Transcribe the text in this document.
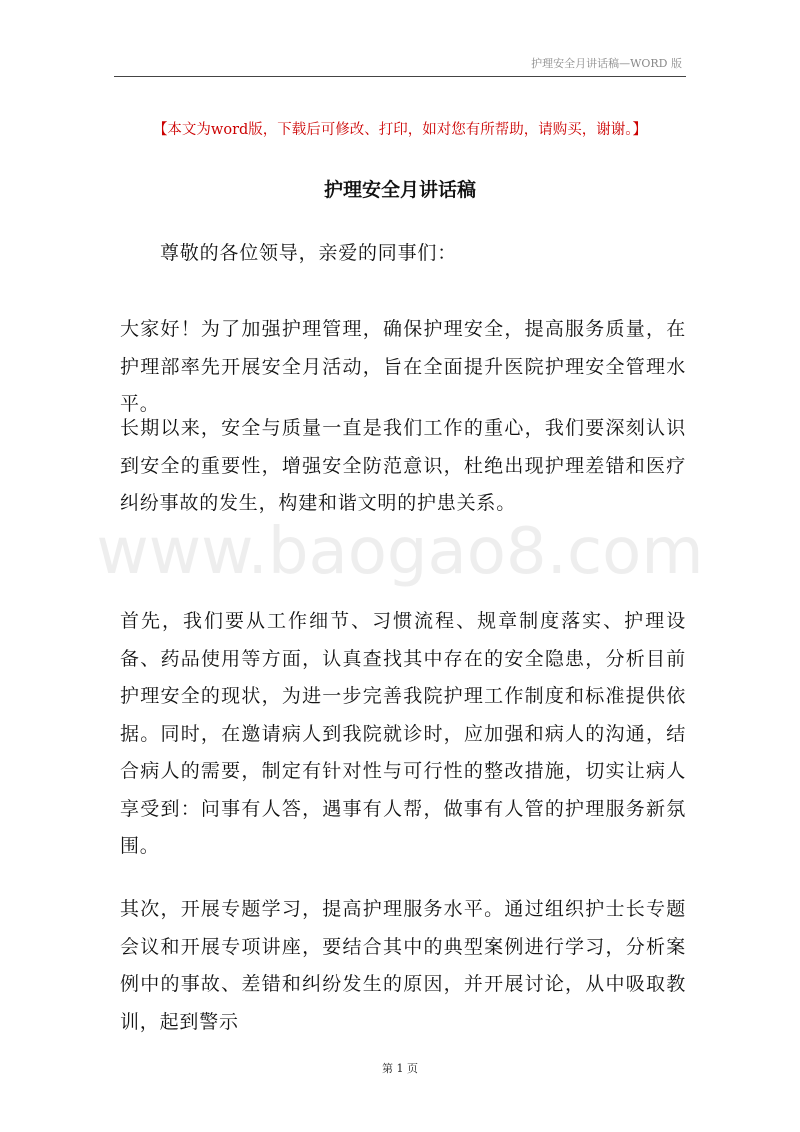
护理安全月讲话稿—WORD 版
【本文为word版，下载后可修改、打印，如对您有所帮助，请购买，谢谢。】
护理安全月讲话稿

尊敬的各位领导，亲爱的同事们：

大家好！为了加强护理管理，确保护理安全，提高服务质量，在护理部率先开展安全月活动，旨在全面提升医院护理安全管理水平。

长期以来，安全与质量一直是我们工作的重心，我们要深刻认识到安全的重要性，增强安全防范意识，杜绝出现护理差错和医疗纠纷事故的发生，构建和谐文明的护患关系。

首先，我们要从工作细节、习惯流程、规章制度落实、护理设备、药品使用等方面，认真查找其中存在的安全隐患，分析目前护理安全的现状，为进一步完善我院护理工作制度和标准提供依据。同时，在邀请病人到我院就诊时，应加强和病人的沟通，结合病人的需要，制定有针对性与可行性的整改措施，切实让病人享受到：问事有人答，遇事有人帮，做事有人管的护理服务新氛围。

其次，开展专题学习，提高护理服务水平。通过组织护士长专题会议和开展专项讲座，要结合其中的典型案例进行学习，分析案例中的事故、差错和纠纷发生的原因，并开展讨论，从中吸取教训，起到警示

www.baogao8.com
第 1 页
